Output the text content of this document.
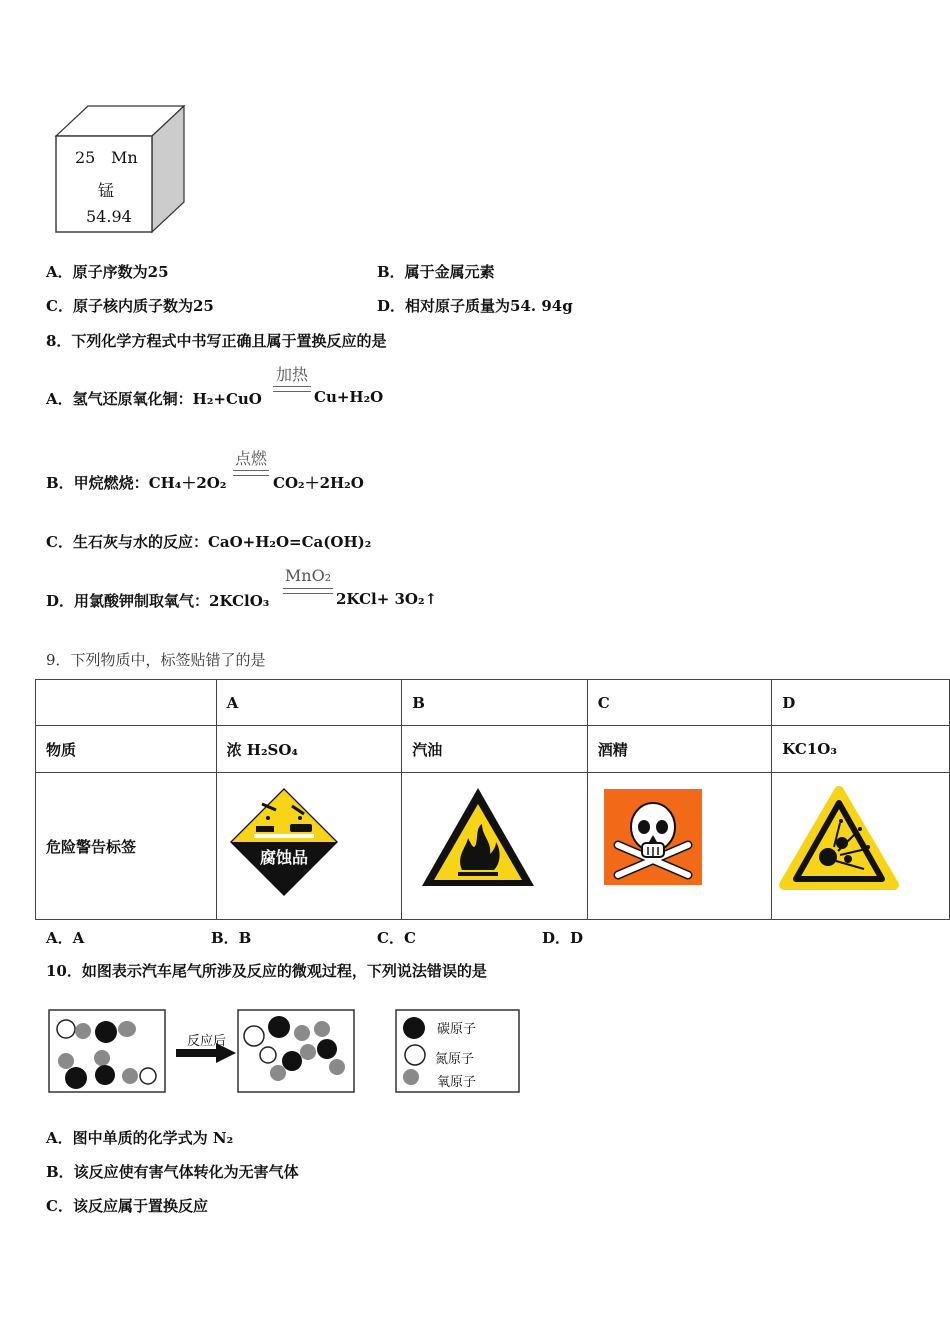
25 Mn
锰
54.94
A．原子序数为25	B．属于金属元素
C．原子核内质子数为25	D．相对原子质量为54. 94g
8．下列化学方程式中书写正确且属于置换反应的是
A．氢气还原氧化铜：H₂+CuO
加热
Cu+H₂O
B．甲烷燃烧：CH₄＋2O₂
点燃
CO₂＋2H₂O
C．生石灰与水的反应：CaO+H₂O=Ca(OH)₂
D．用氯酸钾制取氧气：2KClO₃
MnO₂
2KCl+ 3O₂↑
9．下列物质中，标签贴错了的是
	A	B	C	D
物质	浓 H₂SO₄	汽油	酒精	KC1O₃
危险警告标签				
腐蚀品
A．A	B．B	C．C	D．D
10．如图表示汽车尾气所涉及反应的微观过程，下列说法错误的是
反应后
碳原子
氮原子
氧原子
A．图中单质的化学式为 N₂
B．该反应使有害气体转化为无害气体
C．该反应属于置换反应
